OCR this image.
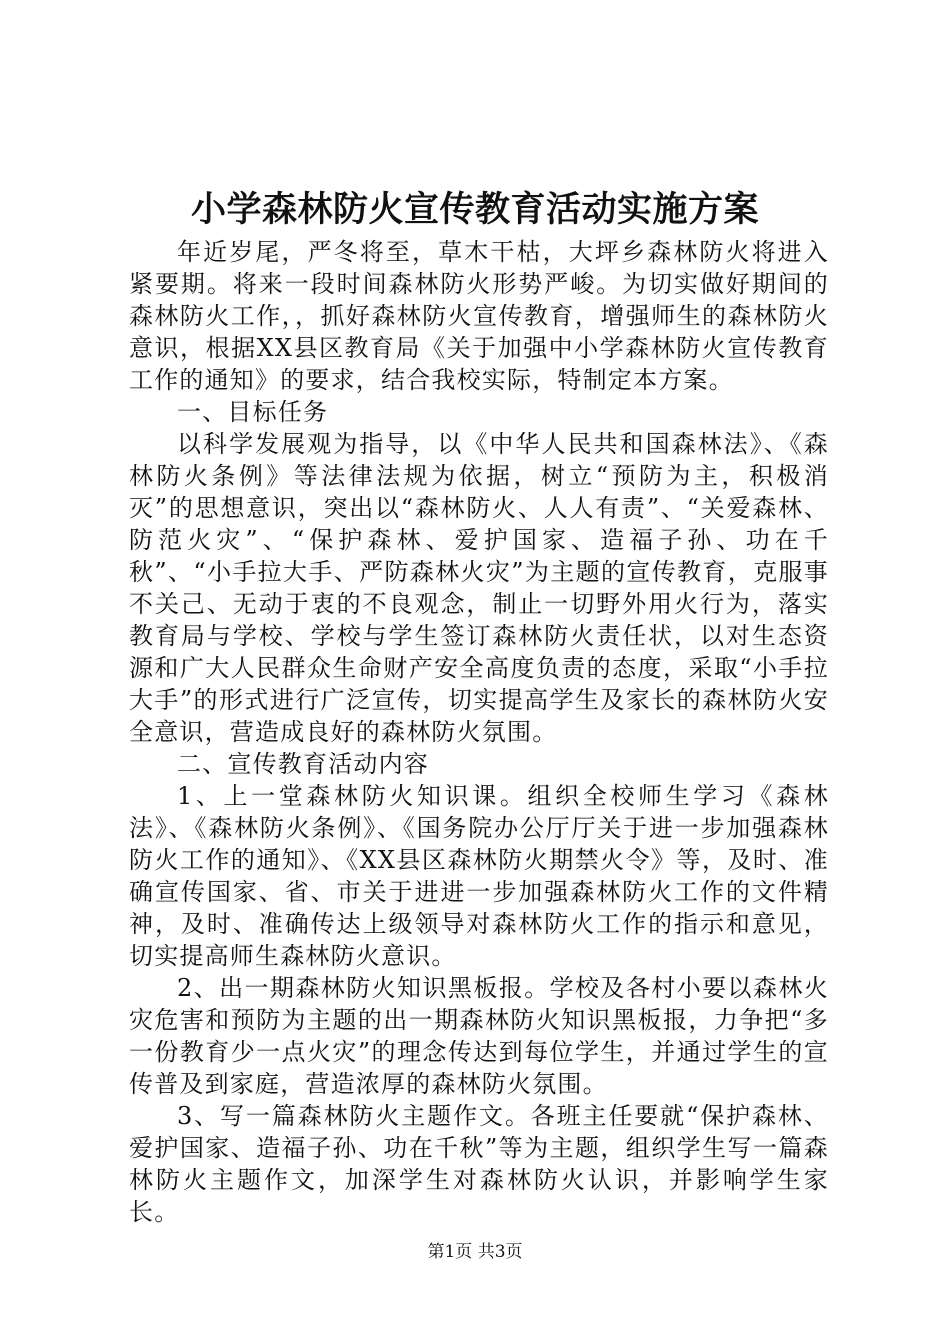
小学森林防火宣传教育活动实施方案

年近岁尾，严冬将至，草木干枯，大坪乡森林防火将进入紧要期。将来一段时间森林防火形势严峻。为切实做好期间的森林防火工作，，抓好森林防火宣传教育，增强师生的森林防火意识，根据XX县区教育局《关于加强中小学森林防火宣传教育工作的通知》的要求，结合我校实际，特制定本方案。

一、目标任务

以科学发展观为指导，以《中华人民共和国森林法》、《森林防火条例》等法律法规为依据，树立“预防为主，积极消灭”的思想意识，突出以“森林防火、人人有责”、“关爱森林、防范火灾”、“保护森林、爱护国家、造福子孙、功在千秋”、“小手拉大手、严防森林火灾”为主题的宣传教育，克服事不关己、无动于衷的不良观念，制止一切野外用火行为，落实教育局与学校、学校与学生签订森林防火责任状，以对生态资源和广大人民群众生命财产安全高度负责的态度，采取“小手拉大手”的形式进行广泛宣传，切实提高学生及家长的森林防火安全意识，营造成良好的森林防火氛围。

二、宣传教育活动内容

1、上一堂森林防火知识课。组织全校师生学习《森林法》、《森林防火条例》、《国务院办公厅厅关于进一步加强森林防火工作的通知》、《XX县区森林防火期禁火令》等，及时、准确宣传国家、省、市关于进进一步加强森林防火工作的文件精神，及时、准确传达上级领导对森林防火工作的指示和意见，切实提高师生森林防火意识。

2、出一期森林防火知识黑板报。学校及各村小要以森林火灾危害和预防为主题的出一期森林防火知识黑板报，力争把“多一份教育少一点火灾”的理念传达到每位学生，并通过学生的宣传普及到家庭，营造浓厚的森林防火氛围。

3、写一篇森林防火主题作文。各班主任要就“保护森林、爱护国家、造福子孙、功在千秋”等为主题，组织学生写一篇森林防火主题作文，加深学生对森林防火认识，并影响学生家长。

第1页 共3页
